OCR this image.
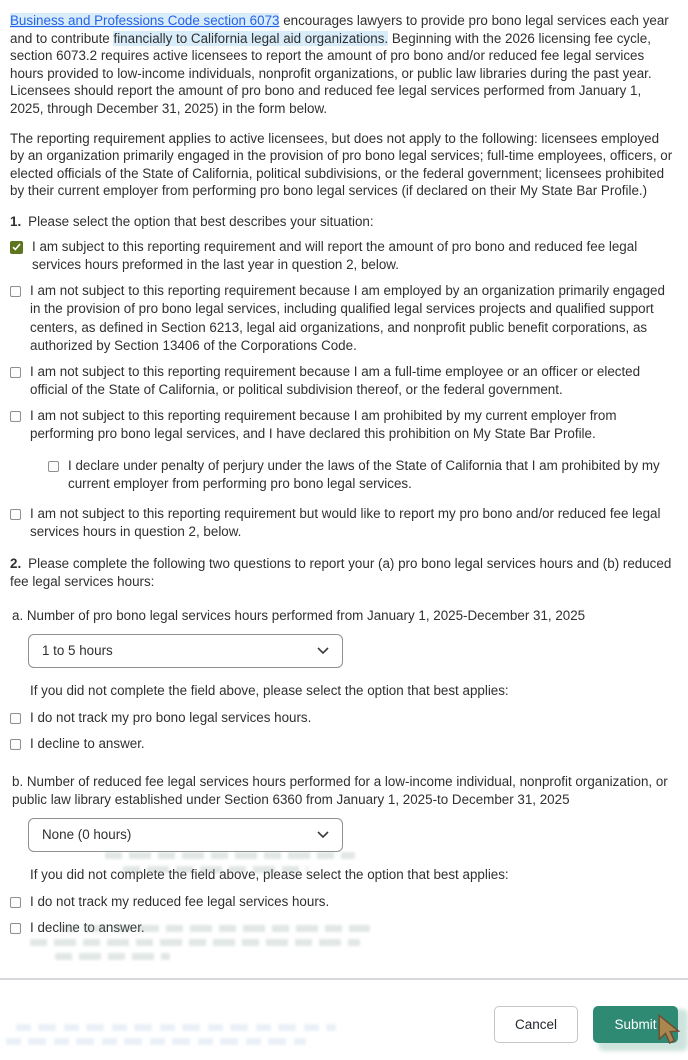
Business and Professions Code section 6073 encourages lawyers to provide pro bono legal services each year and to contribute financially to California legal aid organizations. Beginning with the 2026 licensing fee cycle, section 6073.2 requires active licensees to report the amount of pro bono and/or reduced fee legal services hours provided to low-income individuals, nonprofit organizations, or public law libraries during the past year. Licensees should report the amount of pro bono and reduced fee legal services performed from January 1, 2025, through December 31, 2025) in the form below.

The reporting requirement applies to active licensees, but does not apply to the following: licensees employed by an organization primarily engaged in the provision of pro bono legal services; full-time employees, officers, or elected officials of the State of California, political subdivisions, or the federal government; licensees prohibited by their current employer from performing pro bono legal services (if declared on their My State Bar Profile.)

1. Please select the option that best describes your situation:
I am subject to this reporting requirement and will report the amount of pro bono and reduced fee legal services hours preformed in the last year in question 2, below.
I am not subject to this reporting requirement because I am employed by an organization primarily engaged in the provision of pro bono legal services, including qualified legal services projects and qualified support centers, as defined in Section 6213, legal aid organizations, and nonprofit public benefit corporations, as authorized by Section 13406 of the Corporations Code.
I am not subject to this reporting requirement because I am a full-time employee or an officer or elected official of the State of California, or political subdivision thereof, or the federal government.
I am not subject to this reporting requirement because I am prohibited by my current employer from performing pro bono legal services, and I have declared this prohibition on My State Bar Profile.
I declare under penalty of perjury under the laws of the State of California that I am prohibited by my current employer from performing pro bono legal services.
I am not subject to this reporting requirement but would like to report my pro bono and/or reduced fee legal services hours in question 2, below.
2. Please complete the following two questions to report your (a) pro bono legal services hours and (b) reduced fee legal services hours:
a. Number of pro bono legal services hours performed from January 1, 2025-December 31, 2025
1 to 5 hours
If you did not complete the field above, please select the option that best applies:
I do not track my pro bono legal services hours.
I decline to answer.
b. Number of reduced fee legal services hours performed for a low-income individual, nonprofit organization, or public law library established under Section 6360 from January 1, 2025-to December 31, 2025
None (0 hours)
If you did not complete the field above, please select the option that best applies:
I do not track my reduced fee legal services hours.
I decline to answer.
Cancel	Submit
